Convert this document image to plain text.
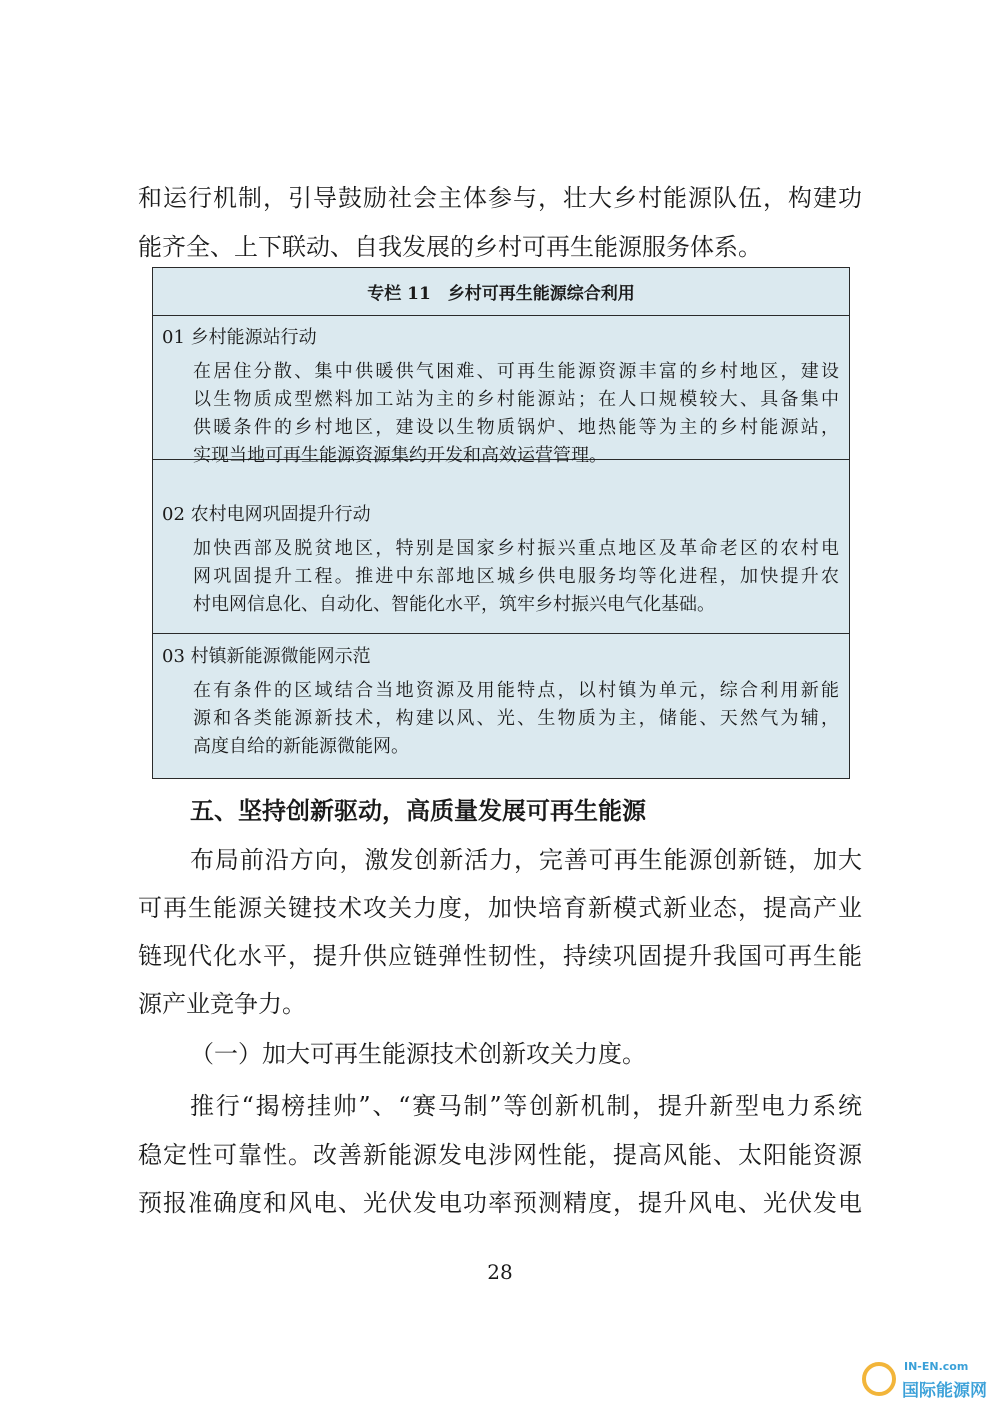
和运行机制，引导鼓励社会主体参与，壮大乡村能源队伍，构建功
能齐全、上下联动、自我发展的乡村可再生能源服务体系。
专栏 11　乡村可再生能源综合利用
01 乡村能源站行动
在居住分散、集中供暖供气困难、可再生能源资源丰富的乡村地区，建设
以生物质成型燃料加工站为主的乡村能源站；在人口规模较大、具备集中
供暖条件的乡村地区，建设以生物质锅炉、地热能等为主的乡村能源站，
实现当地可再生能源资源集约开发和高效运营管理。
02 农村电网巩固提升行动
加快西部及脱贫地区，特别是国家乡村振兴重点地区及革命老区的农村电
网巩固提升工程。推进中东部地区城乡供电服务均等化进程，加快提升农
村电网信息化、自动化、智能化水平，筑牢乡村振兴电气化基础。
03 村镇新能源微能网示范
在有条件的区域结合当地资源及用能特点，以村镇为单元，综合利用新能
源和各类能源新技术，构建以风、光、生物质为主，储能、天然气为辅，
高度自给的新能源微能网。
五、坚持创新驱动，高质量发展可再生能源
布局前沿方向，激发创新活力，完善可再生能源创新链，加大
可再生能源关键技术攻关力度，加快培育新模式新业态，提高产业
链现代化水平，提升供应链弹性韧性，持续巩固提升我国可再生能
源产业竞争力。
（一）加大可再生能源技术创新攻关力度。
推行“揭榜挂帅”、“赛马制”等创新机制，提升新型电力系统
稳定性可靠性。改善新能源发电涉网性能，提高风能、太阳能资源
预报准确度和风电、光伏发电功率预测精度，提升风电、光伏发电
28
IN-EN.com
国际能源网
